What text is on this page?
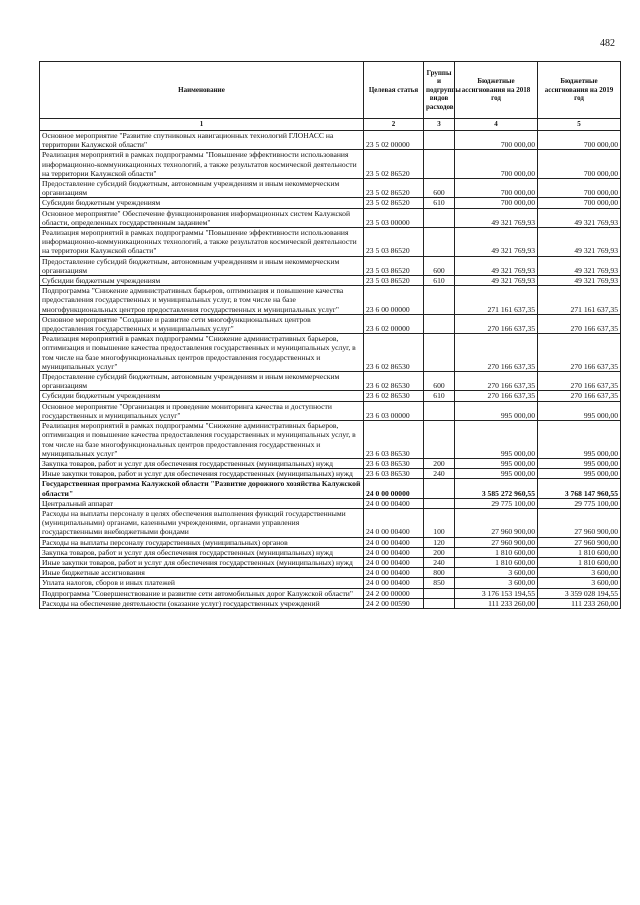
482
Наименование	Целевая статья	Группы и подгруппы видов расходов	Бюджетные ассигнования на 2018 год	Бюджетные ассигнования на 2019 год
1	2	3	4	5
Основное мероприятие "Развитие спутниковых навигационных технологий ГЛОНАСС на территории Калужской области"	23 5 02 00000		700 000,00	700 000,00
Реализация мероприятий в рамках подпрограммы "Повышение эффективности использования информационно-коммуникационных технологий, а также результатов космической деятельности на территории Калужской области"	23 5 02 86520		700 000,00	700 000,00
Предоставление субсидий бюджетным, автономным учреждениям и иным некоммерческим организациям	23 5 02 86520	600	700 000,00	700 000,00
Субсидии бюджетным учреждениям	23 5 02 86520	610	700 000,00	700 000,00
Основное мероприятие" Обеспечение функционирования информационных систем Калужской области, определенных государственным заданием"	23 5 03 00000		49 321 769,93	49 321 769,93
Реализация мероприятий в рамках подпрограммы "Повышение эффективности использования информационно-коммуникационных технологий, а также результатов космической деятельности на территории Калужской области"	23 5 03 86520		49 321 769,93	49 321 769,93
Предоставление субсидий бюджетным, автономным учреждениям и иным некоммерческим организациям	23 5 03 86520	600	49 321 769,93	49 321 769,93
Субсидии бюджетным учреждениям	23 5 03 86520	610	49 321 769,93	49 321 769,93
Подпрограмма "Снижение административных барьеров, оптимизация и повышение качества предоставления государственных и муниципальных услуг, в том числе на базе многофункциональных центров предоставления государственных и муниципальных услуг"	23 6 00 00000		271 161 637,35	271 161 637,35
Основное мероприятие "Создание и развитие сети многофункциональных центров предоставления государственных и муниципальных услуг"	23 6 02 00000		270 166 637,35	270 166 637,35
Реализация мероприятий в рамках подпрограммы "Снижение административных барьеров, оптимизация и повышение качества предоставления государственных и муниципальных услуг, в том числе на базе многофункциональных центров предоставления государственных и муниципальных услуг"	23 6 02 86530		270 166 637,35	270 166 637,35
Предоставление субсидий бюджетным, автономным учреждениям и иным некоммерческим организациям	23 6 02 86530	600	270 166 637,35	270 166 637,35
Субсидии бюджетным учреждениям	23 6 02 86530	610	270 166 637,35	270 166 637,35
Основное мероприятие "Организация и проведение мониторинга качества и доступности государственных и муниципальных услуг"	23 6 03 00000		995 000,00	995 000,00
Реализация мероприятий в рамках подпрограммы "Снижение административных барьеров, оптимизация и повышение качества предоставления государственных и муниципальных услуг, в том числе на базе многофункциональных центров предоставления государственных и муниципальных услуг"	23 6 03 86530		995 000,00	995 000,00
Закупка товаров, работ и услуг для обеспечения государственных (муниципальных) нужд	23 6 03 86530	200	995 000,00	995 000,00
Иные закупки товаров, работ и услуг для обеспечения государственных (муниципальных) нужд	23 6 03 86530	240	995 000,00	995 000,00
Государственная программа Калужской области "Развитие дорожного хозяйства Калужской области"	24 0 00 00000		3 585 272 960,55	3 768 147 960,55
Центральный аппарат	24 0 00 00400		29 775 100,00	29 775 100,00
Расходы на выплаты персоналу в целях обеспечения выполнения функций государственными (муниципальными) органами, казенными учреждениями, органами управления государственными внебюджетными фондами	24 0 00 00400	100	27 960 900,00	27 960 900,00
Расходы на выплаты персоналу государственных (муниципальных) органов	24 0 00 00400	120	27 960 900,00	27 960 900,00
Закупка товаров, работ и услуг для обеспечения государственных (муниципальных) нужд	24 0 00 00400	200	1 810 600,00	1 810 600,00
Иные закупки товаров, работ и услуг для обеспечения государственных (муниципальных) нужд	24 0 00 00400	240	1 810 600,00	1 810 600,00
Иные бюджетные ассигнования	24 0 00 00400	800	3 600,00	3 600,00
Уплата налогов, сборов и иных платежей	24 0 00 00400	850	3 600,00	3 600,00
Подпрограмма "Совершенствование и развитие сети автомобильных дорог Калужской области"	24 2 00 00000		3 176 153 194,55	3 359 028 194,55
Расходы на обеспечение деятельности (оказание услуг) государственных учреждений	24 2 00 00590		111 233 260,00	111 233 260,00
